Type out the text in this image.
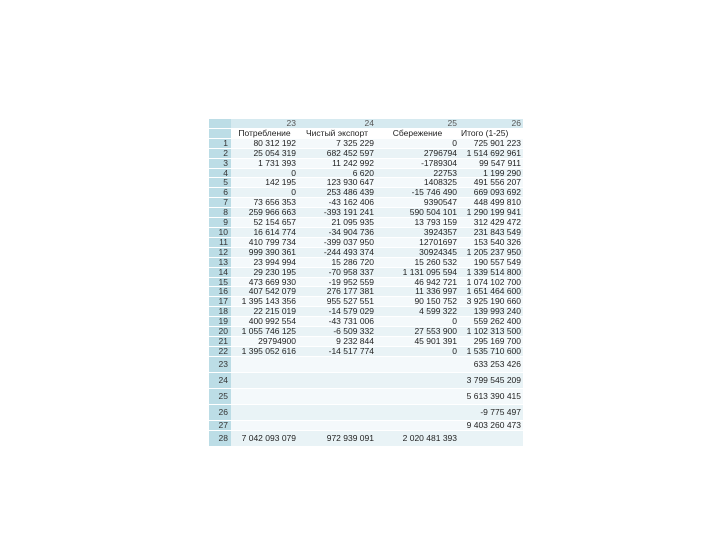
	23	24	25	26
	Потребление	Чистый экспорт	Сбережение	Итого (1-25)
1	80 312 192	7 325 229	0	725 901 223
2	25 054 319	682 452 597	2796794	1 514 692 961
3	1 731 393	11 242 992	-1789304	99 547 911
4	0	6 620	22753	1 199 290
5	142 195	123 930 647	1408325	491 556 207
6	0	253 486 439	-15 746 490	669 093 692
7	73 656 353	-43 162 406	9390547	448 499 810
8	259 966 663	-393 191 241	590 504 101	1 290 199 941
9	52 154 657	21 095 935	13 793 159	312 429 472
10	16 614 774	-34 904 736	3924357	231 843 549
11	410 799 734	-399 037 950	12701697	153 540 326
12	999 390 361	-244 493 374	30924345	1 205 237 950
13	23 994 994	15 286 720	15 260 532	190 557 549
14	29 230 195	-70 958 337	1 131 095 594	1 339 514 800
15	473 669 930	-19 952 559	46 942 721	1 074 102 700
16	407 542 079	276 177 381	11 336 997	1 651 464 600
17	1 395 143 356	955 527 551	90 150 752	3 925 190 660
18	22 215 019	-14 579 029	4 599 322	139 993 240
19	400 992 554	-43 731 006	0	559 262 400
20	1 055 746 125	-6 509 332	27 553 900	1 102 313 500
21	29794900	9 232 844	45 901 391	295 169 700
22	1 395 052 616	-14 517 774	0	1 535 710 600
23				633 253 426
24				3 799 545 209
25				5 613 390 415
26				-9 775 497
27				9 403 260 473
28	7 042 093 079	972 939 091	2 020 481 393	
